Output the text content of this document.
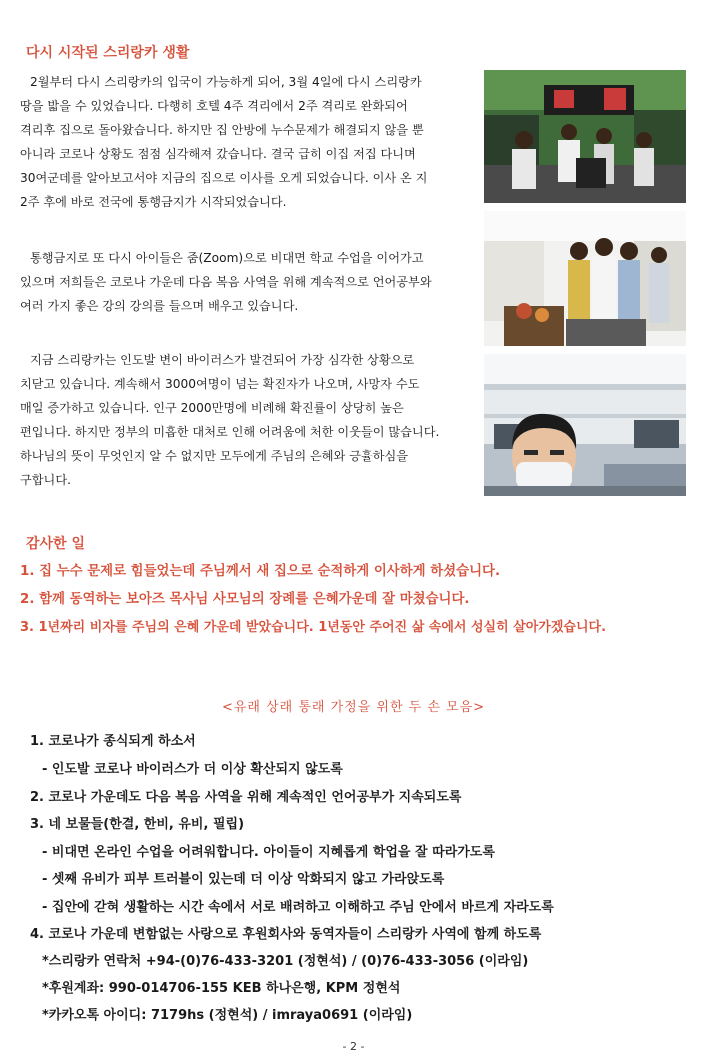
다시 시작된 스리랑카 생활
2월부터 다시 스리랑카의 입국이 가능하게 되어, 3월 4일에 다시 스리랑카
땅을 밟을 수 있었습니다. 다행히 호텔 4주 격리에서 2주 격리로 완화되어
격리후 집으로 돌아왔습니다. 하지만 집 안방에 누수문제가 해결되지 않을 뿐
아니라 코로나 상황도 점점 심각해져 갔습니다. 결국 급히 이집 저집 다니며
30여군데를 알아보고서야 지금의 집으로 이사를 오게 되었습니다. 이사 온 지
2주 후에 바로 전국에 통행금지가 시작되었습니다.
통행금지로 또 다시 아이들은 줌(Zoom)으로 비대면 학교 수업을 이어가고
있으며 저희들은 코로나 가운데 다음 복음 사역을 위해 계속적으로 언어공부와
여러 가지 좋은 강의 강의를 들으며 배우고 있습니다.
지금 스리랑카는 인도발 변이 바이러스가 발견되어 가장 심각한 상황으로
치닫고 있습니다. 계속해서 3000여명이 넘는 확진자가 나오며, 사망자 수도
매일 증가하고 있습니다. 인구 2000만명에 비례해 확진률이 상당히 높은
편입니다. 하지만 정부의 미흡한 대처로 인해 어려움에 처한 이웃들이 많습니다.
하나님의 뜻이 무엇인지 알 수 없지만 모두에게 주님의 은혜와 긍휼하심을
구합니다.
감사한 일
1. 집 누수 문제로 힘들었는데 주님께서 새 집으로 순적하게 이사하게 하셨습니다.
2. 함께 동역하는 보아즈 목사님 사모님의 장례를 은혜가운데 잘 마쳤습니다.
3. 1년짜리 비자를 주님의 은혜 가운데 받았습니다. 1년동안 주어진 삶 속에서 성실히 살아가겠습니다.
<유래 상래 통래 가정을 위한 두 손 모음>
1. 코로나가 종식되게 하소서
- 인도발 코로나 바이러스가 더 이상 확산되지 않도록
2. 코로나 가운데도 다음 복음 사역을 위해 계속적인 언어공부가 지속되도록
3. 네 보물들(한결, 한비, 유비, 필립)
- 비대면 온라인 수업을 어려워합니다. 아이들이 지혜롭게 학업을 잘 따라가도록
- 셋째 유비가 피부 트러블이 있는데 더 이상 악화되지 않고 가라앉도록
- 집안에 갇혀 생활하는 시간 속에서 서로 배려하고 이해하고 주님 안에서 바르게 자라도록
4. 코로나 가운데 변함없는 사랑으로 후원회사와 동역자들이 스리랑카 사역에 함께 하도록
*스리랑카 연락처 +94-(0)76-433-3201 (정현석) / (0)76-433-3056 (이라임)
*후원계좌: 990-014706-155 KEB 하나은행, KPM 정현석
*카카오톡 아이디: 7179hs (정현석) / imraya0691 (이라임)
- 2 -
